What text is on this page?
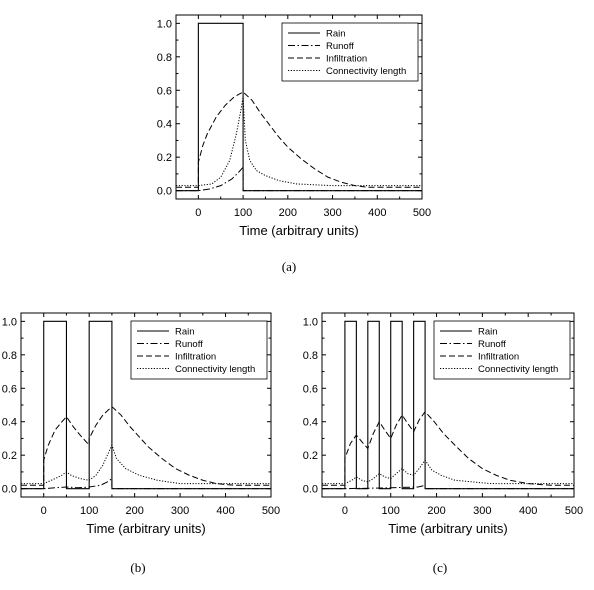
0	100 200 300 400 500
0.0
0.2
0.4
0.6
0.8
1.0
Time (arbitrary units)
Rain
Runoff
Infiltration
Connectivity length
(a)
0	100 200 300 400 500
0.0
0.2
0.4
0.6
0.8
1.0
Time (arbitrary units)
Rain
Runoff
Infiltration
Connectivity length
(b)
0	100 200 300 400 500
0.0
0.2
0.4
0.6
0.8
1.0
Time (arbitrary units)
Rain
Runoff
Infiltration
Connectivity length
(c)
